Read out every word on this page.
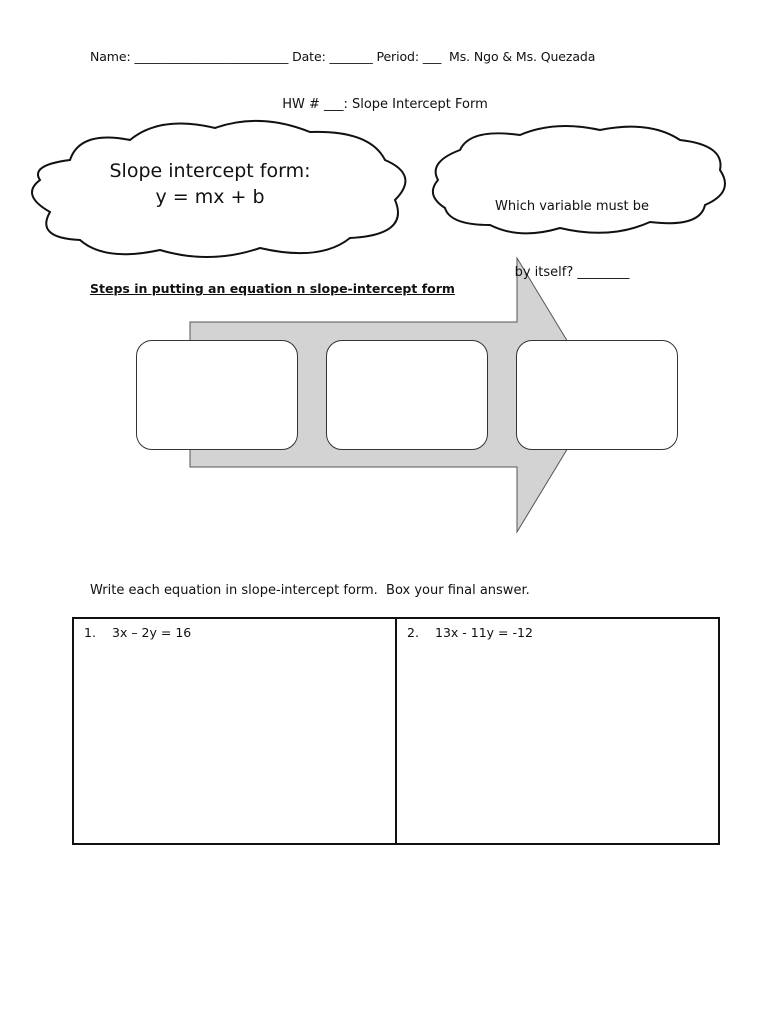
Name: _________________________ Date: _______ Period: ___  Ms. Ngo & Ms. Quezada
HW # ___: Slope Intercept Form
Slope intercept form:
y = mx + b

	Which variable must be

by itself? ________

Steps in putting an equation n slope-intercept form
Write each equation in slope-intercept form.  Box your final answer.
1. 3x – 2y = 16	2. 13x - 11y = -12
